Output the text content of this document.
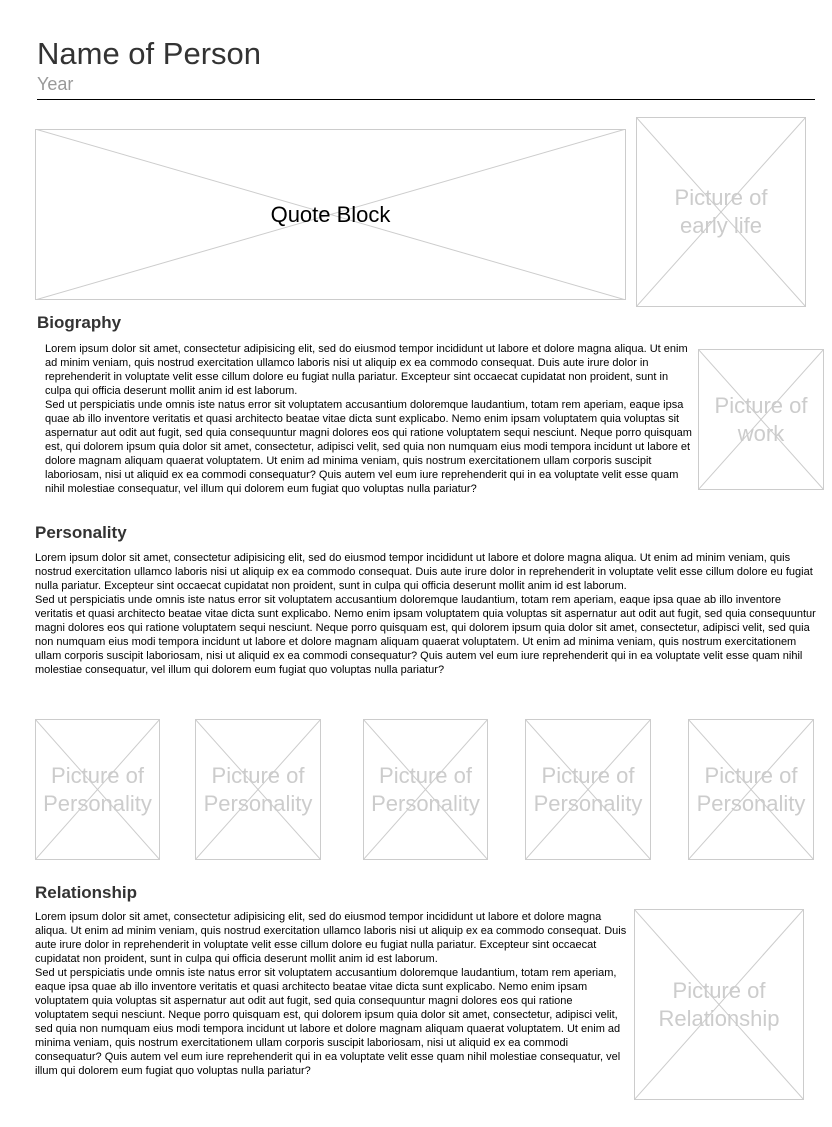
Name of Person
Year
Quote Block
Picture of
early life
Biography

Lorem ipsum dolor sit amet, consectetur adipisicing elit, sed do eiusmod tempor incididunt ut labore et dolore magna aliqua. Ut enim ad minim veniam, quis nostrud exercitation ullamco laboris nisi ut aliquip ex ea commodo consequat. Duis aute irure dolor in reprehenderit in voluptate velit esse cillum dolore eu fugiat nulla pariatur. Excepteur sint occaecat cupidatat non proident, sunt in culpa qui officia deserunt mollit anim id est laborum.

Sed ut perspiciatis unde omnis iste natus error sit voluptatem accusantium doloremque laudantium, totam rem aperiam, eaque ipsa quae ab illo inventore veritatis et quasi architecto beatae vitae dicta sunt explicabo. Nemo enim ipsam voluptatem quia voluptas sit aspernatur aut odit aut fugit, sed quia consequuntur magni dolores eos qui ratione voluptatem sequi nesciunt. Neque porro quisquam est, qui dolorem ipsum quia dolor sit amet, consectetur, adipisci velit, sed quia non numquam eius modi tempora incidunt ut labore et dolore magnam aliquam quaerat voluptatem. Ut enim ad minima veniam, quis nostrum exercitationem ullam corporis suscipit laboriosam, nisi ut aliquid ex ea commodi consequatur? Quis autem vel eum iure reprehenderit qui in ea voluptate velit esse quam nihil molestiae consequatur, vel illum qui dolorem eum fugiat quo voluptas nulla pariatur?

Picture of
work
Personality

Lorem ipsum dolor sit amet, consectetur adipisicing elit, sed do eiusmod tempor incididunt ut labore et dolore magna aliqua. Ut enim ad minim veniam, quis nostrud exercitation ullamco laboris nisi ut aliquip ex ea commodo consequat. Duis aute irure dolor in reprehenderit in voluptate velit esse cillum dolore eu fugiat nulla pariatur. Excepteur sint occaecat cupidatat non proident, sunt in culpa qui officia deserunt mollit anim id est laborum.

Sed ut perspiciatis unde omnis iste natus error sit voluptatem accusantium doloremque laudantium, totam rem aperiam, eaque ipsa quae ab illo inventore veritatis et quasi architecto beatae vitae dicta sunt explicabo. Nemo enim ipsam voluptatem quia voluptas sit aspernatur aut odit aut fugit, sed quia consequuntur magni dolores eos qui ratione voluptatem sequi nesciunt. Neque porro quisquam est, qui dolorem ipsum quia dolor sit amet, consectetur, adipisci velit, sed quia non numquam eius modi tempora incidunt ut labore et dolore magnam aliquam quaerat voluptatem. Ut enim ad minima veniam, quis nostrum exercitationem ullam corporis suscipit laboriosam, nisi ut aliquid ex ea commodi consequatur? Quis autem vel eum iure reprehenderit qui in ea voluptate velit esse quam nihil molestiae consequatur, vel illum qui dolorem eum fugiat quo voluptas nulla pariatur?

Picture of
Personality
Picture of
Personality
Picture of
Personality
Picture of
Personality
Picture of
Personality
Relationship

Lorem ipsum dolor sit amet, consectetur adipisicing elit, sed do eiusmod tempor incididunt ut labore et dolore magna aliqua. Ut enim ad minim veniam, quis nostrud exercitation ullamco laboris nisi ut aliquip ex ea commodo consequat. Duis aute irure dolor in reprehenderit in voluptate velit esse cillum dolore eu fugiat nulla pariatur. Excepteur sint occaecat cupidatat non proident, sunt in culpa qui officia deserunt mollit anim id est laborum.

Sed ut perspiciatis unde omnis iste natus error sit voluptatem accusantium doloremque laudantium, totam rem aperiam, eaque ipsa quae ab illo inventore veritatis et quasi architecto beatae vitae dicta sunt explicabo. Nemo enim ipsam voluptatem quia voluptas sit aspernatur aut odit aut fugit, sed quia consequuntur magni dolores eos qui ratione voluptatem sequi nesciunt. Neque porro quisquam est, qui dolorem ipsum quia dolor sit amet, consectetur, adipisci velit, sed quia non numquam eius modi tempora incidunt ut labore et dolore magnam aliquam quaerat voluptatem. Ut enim ad minima veniam, quis nostrum exercitationem ullam corporis suscipit laboriosam, nisi ut aliquid ex ea commodi consequatur? Quis autem vel eum iure reprehenderit qui in ea voluptate velit esse quam nihil molestiae consequatur, vel illum qui dolorem eum fugiat quo voluptas nulla pariatur?

Picture of
Relationship
